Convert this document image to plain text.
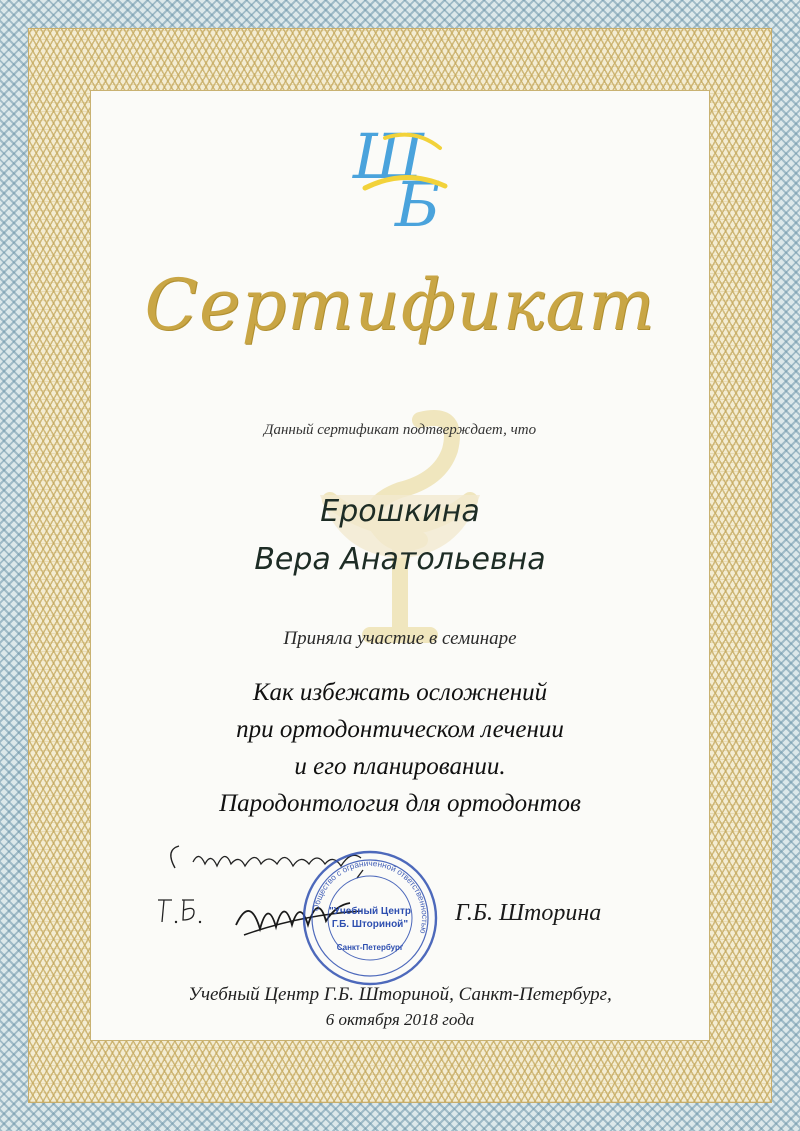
Ш
Б
Сертификат
Данный сертификат подтверждает, что
Ерошкина
Вера Анатольевна
Приняла участие в семинаре
Как избежать осложнений
при ортодонтическом лечении
и его планировании.
Пародонтология для ортодонтов
Общество с ограниченной ответственностью
"Учебный Центр
Г.Б. Шториной"
Санкт-Петербург
Г.Б. Шторина
Учебный Центр Г.Б. Шториной, Санкт-Петербург,
6 октября 2018 года
